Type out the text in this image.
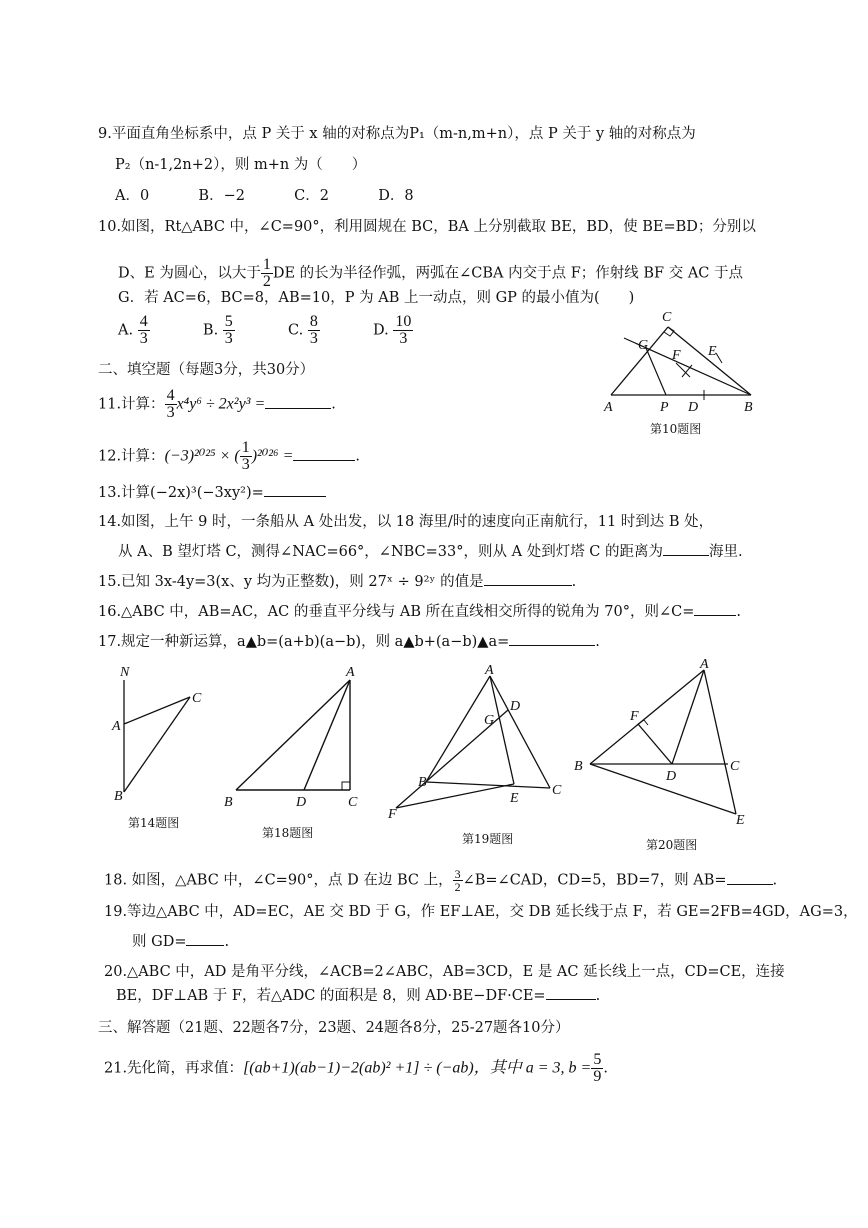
9.平面直角坐标系中，点 P 关于 x 轴的对称点为P₁（m-n,m+n），点 P 关于 y 轴的对称点为
P₂（n-1,2n+2），则 m+n 为（　　）
A．0	B．−2	C．2	D．8
10.如图，Rt△ABC 中，∠C=90°，利用圆规在 BC，BA 上分别截取 BE，BD，使 BE=BD；分别以
D、E 为圆心，以大于 $\frac{1}{2}$ DE 的长为半径作弧，两弧在∠CBA 内交于点 F；作射线 BF 交 AC 于点
G．若 AC=6，BC=8，AB=10，P 为 AB 上一动点，则 GP 的最小值为(　　)
A. $\frac{4}{3}$	B. $\frac{5}{3}$	C. $\frac{8}{3}$	D. $\frac{10}{3}$	C
G
F E
A	P D	B
第10题图
二、填空题（每题3分，共30分）
11.计算： $\frac{4}{3} x^4y^6 \div 2x^2y^3$ =	.
12.计算：(−3)²⁰²⁵ × ( $\frac{1}{3} )^{2026}$ =	.
13.计算(−2x)³(−3xy²)=
14.如图，上午 9 时，一条船从 A 处出发，以 18 海里/时的速度向正南航行，11 时到达 B 处，
从 A、B 望灯塔 C，测得∠NAC=66°，∠NBC=33°，则从 A 处到灯塔 C 的距离为	海里.
15.已知 3x-4y=3(x、y 均为正整数)，则 27ˣ ÷ 9²ʸ 的值是	.
16.△ABC 中，AB=AC，AC 的垂直平分线与 AB 所在直线相交所得的锐角为 70°，则∠C=	.
17.规定一种新运算，a▲b=(a+b)(a−b)，则 a▲b+(a−b)▲a=	.
N
C
A
B
第14题图
A
B	D	C
第18题图
A
G
D
B
E
C
F
第19题图
A
F
B
D
C
E
第20题图
18. 如图，△ABC 中，∠C=90°，点 D 在边 BC 上， $\frac{3}{2}$ ∠B=∠CAD，CD=5，BD=7，则 AB=	.
19.等边△ABC 中，AD=EC，AE 交 BD 于 G，作 EF⊥AE，交 DB 延长线于点 F，若 GE=2FB=4GD，AG=3，
则 GD=	.
20.△ABC 中，AD 是角平分线，∠ACB=2∠ABC，AB=3CD，E 是 AC 延长线上一点，CD=CE，连接
BE，DF⊥AB 于 F，若△ADC 的面积是 8，则 AD·BE−DF·CE=	.
三、解答题（21题、22题各7分，23题、24题各8分，25-27题各10分）
21.先化简，再求值：[(ab+1)(ab−1)−2(ab)² +1] ÷ (−ab)，其中 a = 3, $b = \frac{5}{9}$ .
